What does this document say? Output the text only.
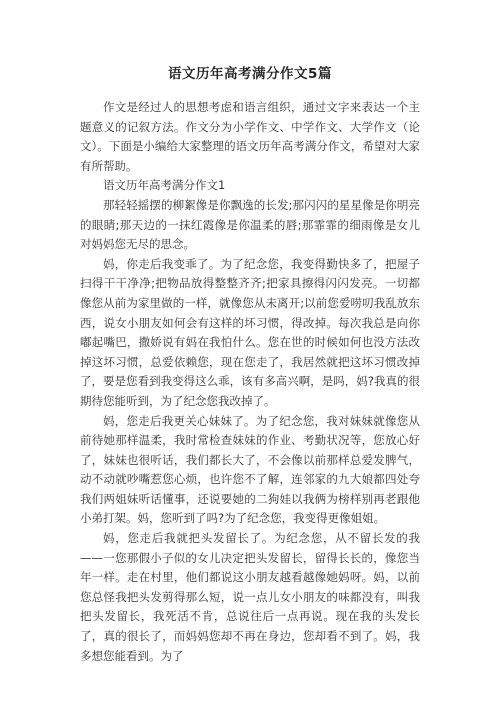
语文历年高考满分作文5篇

作文是经过人的思想考虑和语言组织，通过文字来表达一个主题意义的记叙方法。作文分为小学作文、中学作文、大学作文（论文）。下面是小编给大家整理的语文历年高考满分作文，希望对大家有所帮助。

语文历年高考满分作文1

那轻轻摇摆的柳絮像是你飘逸的长发;那闪闪的星星像是你明亮的眼睛;那天边的一抹红霞像是你温柔的唇;那霏霏的细雨像是女儿对妈妈您无尽的思念。

妈，你走后我变乖了。为了纪念您，我变得勤快多了，把屋子扫得干干净净;把物品放得整整齐齐;把家具擦得闪闪发亮。一切都像您从前为家里做的一样，就像您从未离开;以前您爱唠叨我乱放东西，说女小朋友如何会有这样的坏习惯，得改掉。每次我总是向你嘟起嘴巴，撒娇说有妈在我怕什么。您在世的时候如何也没方法改掉这坏习惯，总爱依赖您，现在您走了，我居然就把这坏习惯改掉了，要是您看到我变得这么乖，该有多高兴啊，是吗，妈?我真的很期待您能听到，为了纪念您我改掉了。

妈，您走后我更关心妹妹了。为了纪念您，我对妹妹就像您从前待她那样温柔，我时常检查妹妹的作业、考勤状况等，您放心好了，妹妹也很听话，我们都长大了，不会像以前那样总爱发脾气，动不动就吵嘴惹您心烦，也许您不了解，连邻家的九大娘都四处夸我们两姐妹听话懂事，还说要她的二狗娃以我俩为榜样别再老跟他小弟打架。妈，您听到了吗?为了纪念您，我变得更像姐姐。

妈，您走后我就把头发留长了。为纪念您，从不留长发的我——一您那假小子似的女儿决定把头发留长，留得长长的，像您当年一样。走在村里，他们都说这小朋友越看越像她妈呀。妈，以前您总怪我把头发剪得那么短，说一点儿女小朋友的味都没有，叫我把头发留长，我死活不肯，总说往后一点再说。现在我的头发长了，真的很长了，而妈妈您却不再在身边，您却看不到了。妈，我多想您能看到。为了
